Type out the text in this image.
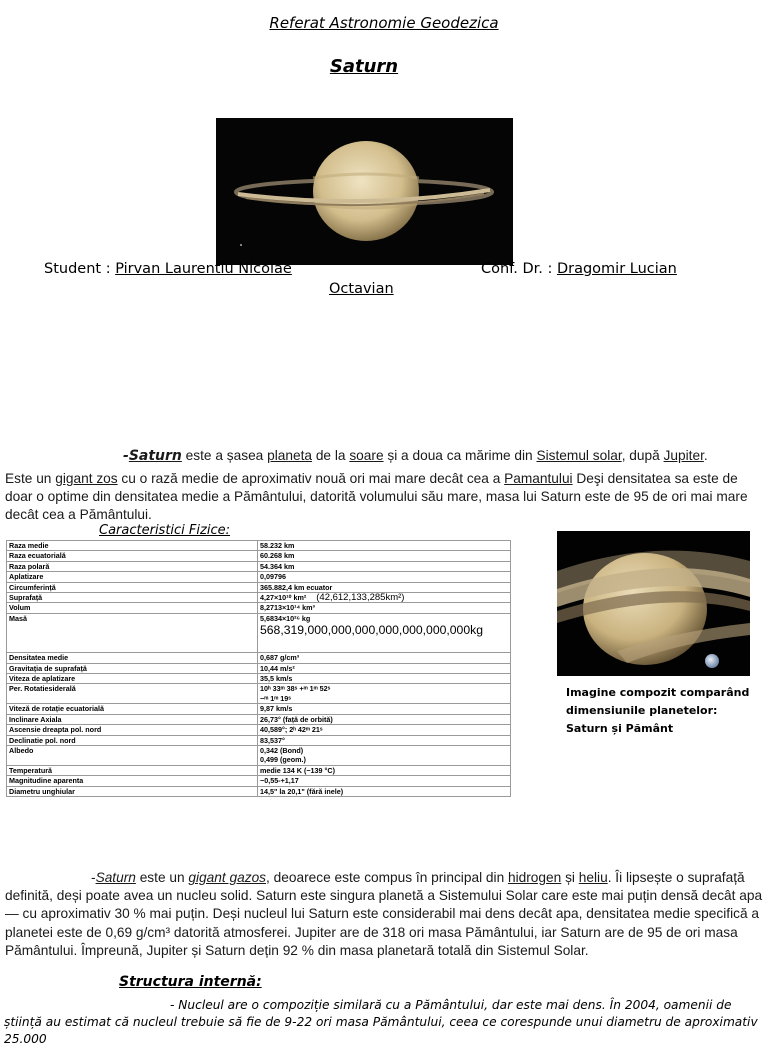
Referat Astronomie Geodezica
Saturn
Student : Pirvan Laurentiu Nicolae	Conf. Dr. : Dragomir Lucian
Octavian
-Saturn este a șasea planeta de la soare și a doua ca mărime din Sistemul solar, după Jupiter.
Este un gigant zos cu o rază medie de aproximativ nouă ori mai mare decât cea a Pamantului Deşi densitatea sa este de doar o optime din densitatea medie a Pământului, datorită volumului său mare, masa lui Saturn este de 95 de ori mai mare decât cea a Pământului.
Caracteristici Fizice:
Raza medie	58.232 km
Raza ecuatorială	60.268 km
Raza polară	54.364 km
Aplatizare	0,09796
Circumferință	365.882,4 km ecuator
Suprafață	4,27×10¹⁰ km² (42,612,133,285km²)
Volum	8,2713×10¹⁴ km³
Masă	5,6834×10²⁶ kg
568,319,000,000,000,000,000,000,000kg

Densitatea medie	0,687 g/cm³
Gravitația de suprafață	10,44 m/s²
Viteza de aplatizare	35,5 km/s
Per. Rotatiesiderală	10ʰ 33ᵐ 38ˢ +ᵐ 1ᵐ 52ˢ
−ᵐ 1ᵐ 19ˢ
Viteză de rotație ecuatorială	9,87 km/s
Inclinare Axiala	26,73° (față de orbită)
Ascensie dreapta pol. nord	40,589°; 2ʰ 42ᵐ 21ˢ
Declinatie pol. nord	83,537°
Albedo	0,342 (Bond)
0,499 (geom.)
Temperatură	medie 134 K (−139 °C)
Magnitudine aparenta	−0,55-+1,17
Diametru unghiular	14,5" la 20,1" (fără inele)
Imagine compozit comparând dimensiunile planetelor: Saturn și Pământ
-Saturn este un gigant gazos, deoarece este compus în principal din hidrogen și heliu. Îi lipsește o suprafață definită, deși poate avea un nucleu solid. Saturn este singura planetă a Sistemului Solar care este mai puțin densă decât apa — cu aproximativ 30 % mai puțin. Deși nucleul lui Saturn este considerabil mai dens decât apa, densitatea medie specifică a planetei este de 0,69 g/cm³ datorită atmosferei. Jupiter are de 318 ori masa Pământului, iar Saturn are de 95 de ori masa Pământului. Împreună, Jupiter și Saturn dețin 92 % din masa planetară totală din Sistemul Solar.
Structura internă:
- Nucleul are o compoziție similară cu a Pământului, dar este mai dens. În 2004, oamenii de știință au estimat că nucleul trebuie să fie de 9-22 ori masa Pământului, ceea ce corespunde unui diametru de aproximativ 25.000
